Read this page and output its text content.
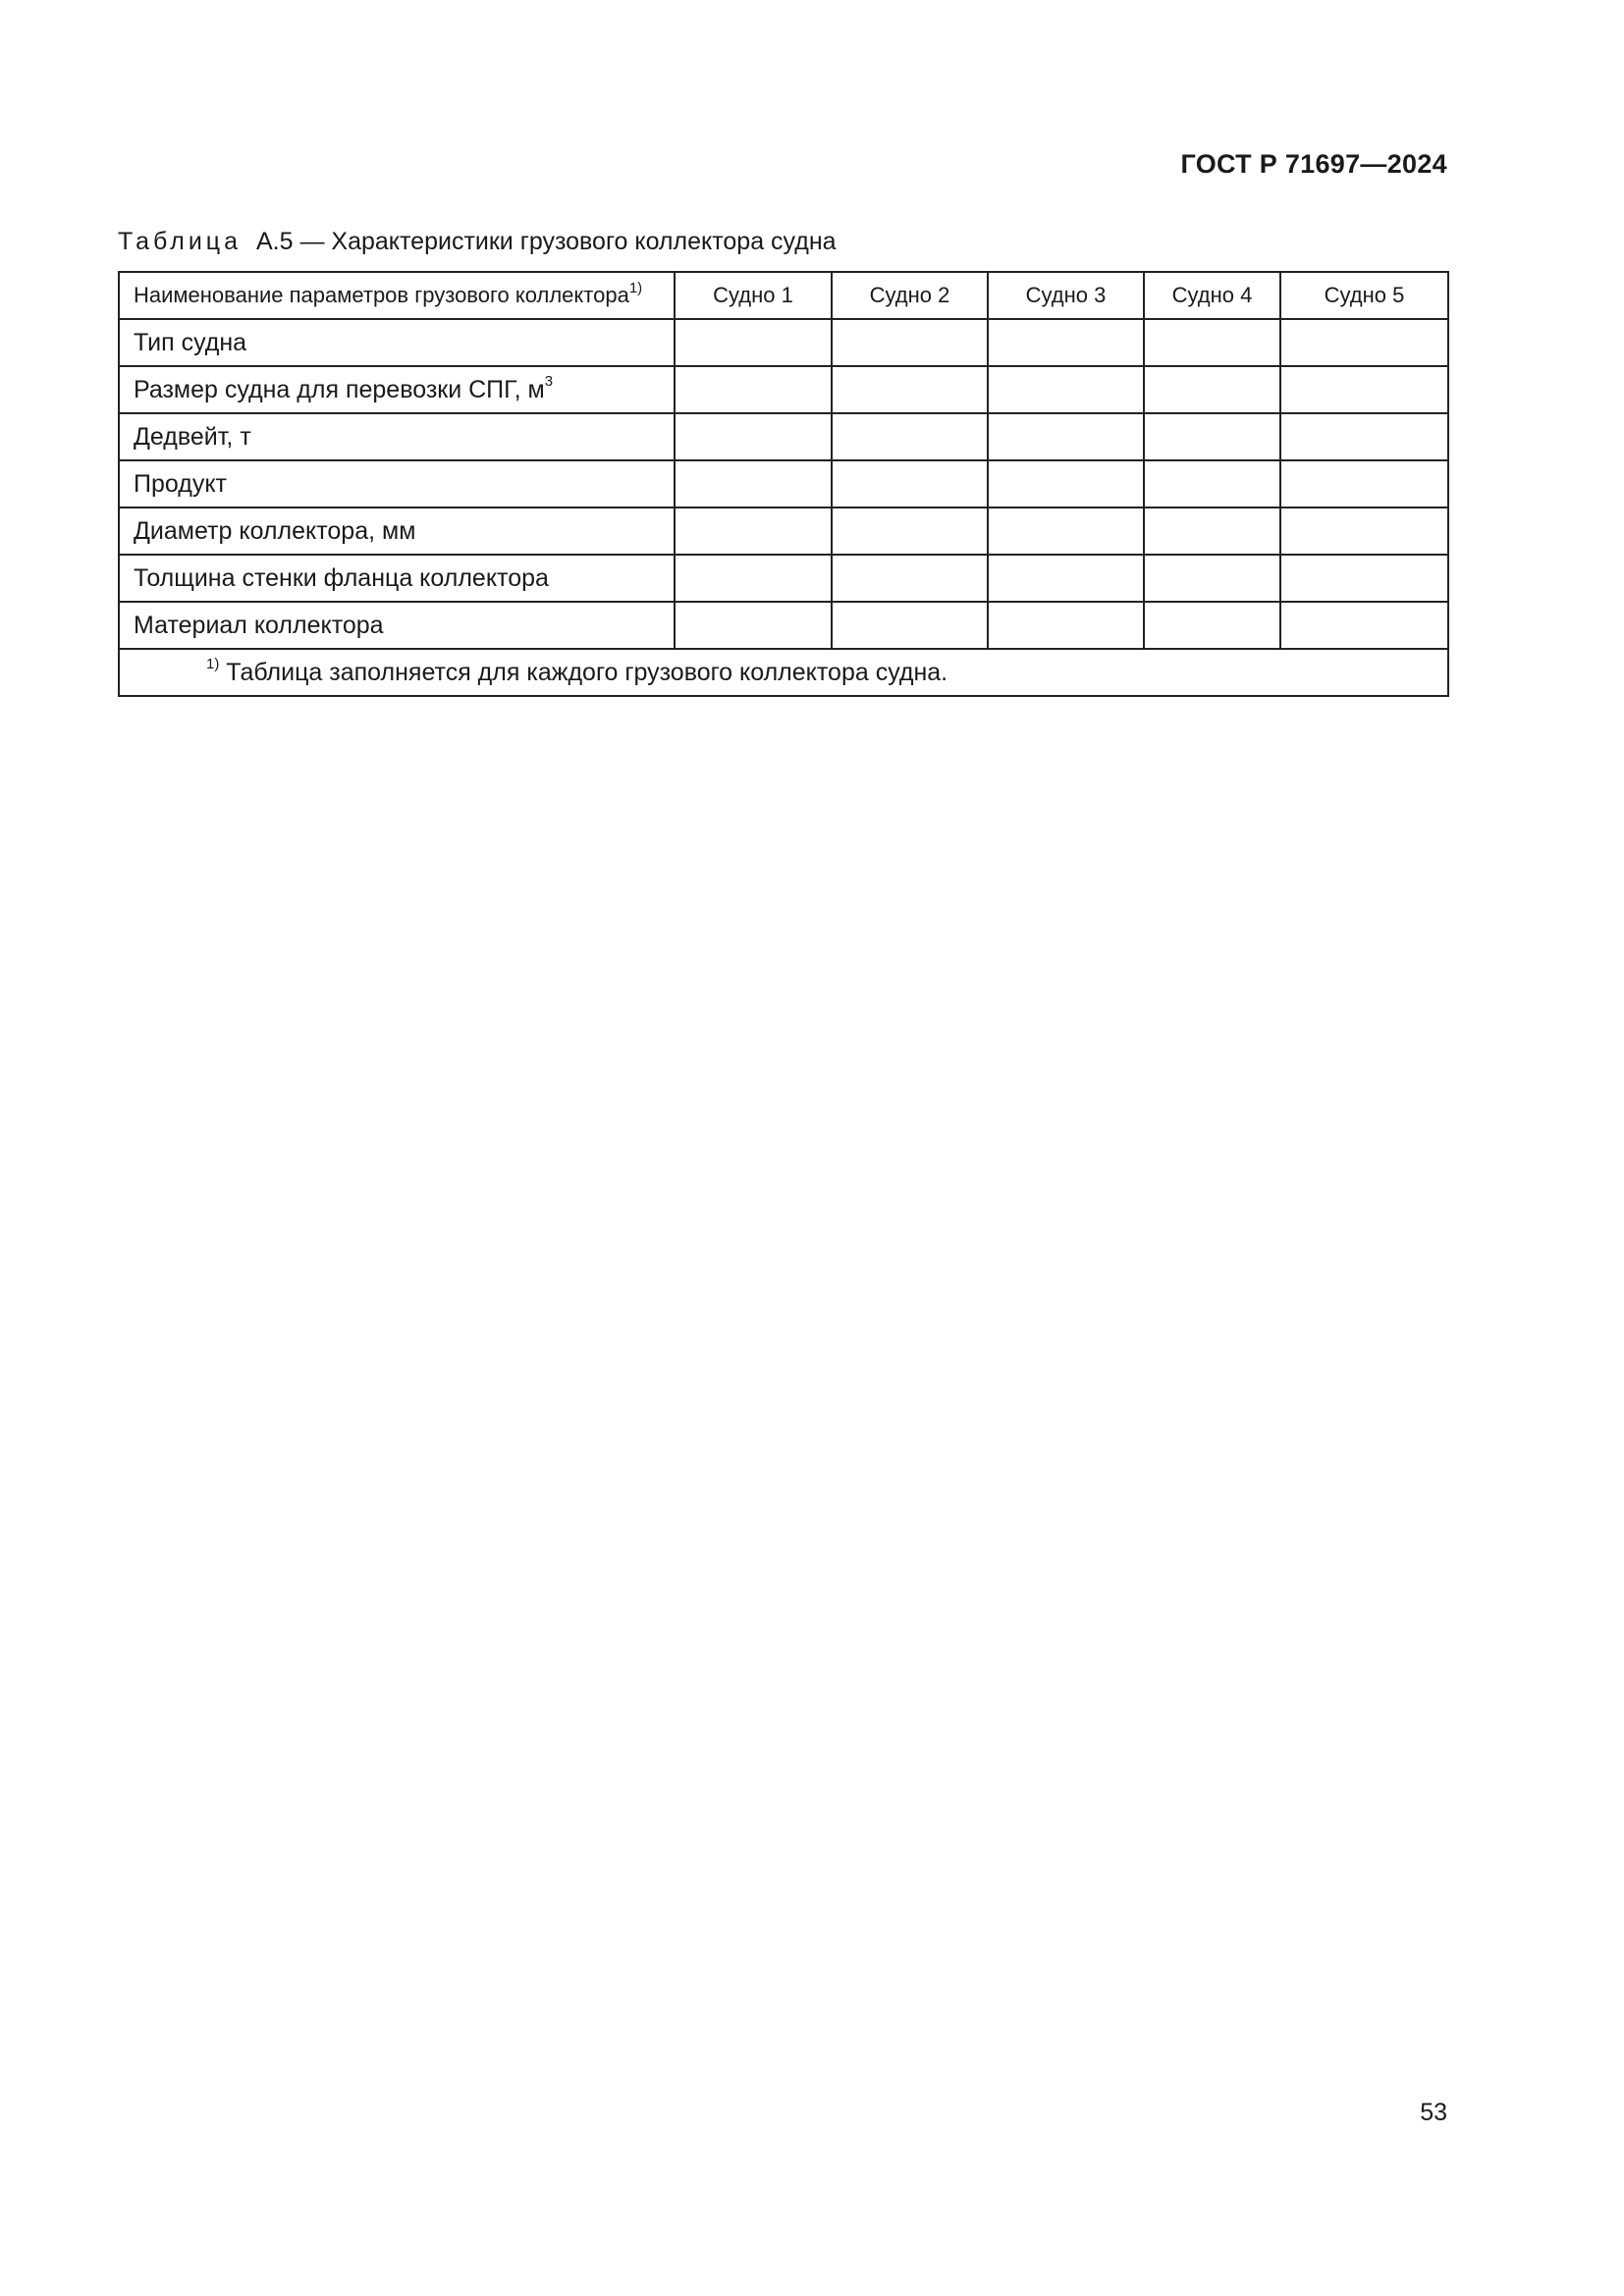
ГОСТ Р 71697—2024
Таблица А.5 — Характеристики грузового коллектора судна
Наименование параметров грузового коллектора$^{1)}$	Судно 1	Судно 2	Судно 3	Судно 4	Судно 5
Тип судна					
Размер судна для перевозки СПГ, $м^3$					
Дедвейт, т					
Продукт					
Диаметр коллектора, мм					
Толщина стенки фланца коллектора					
Материал коллектора					
$^{1)}$ Таблица заполняется для каждого грузового коллектора судна.					
53
